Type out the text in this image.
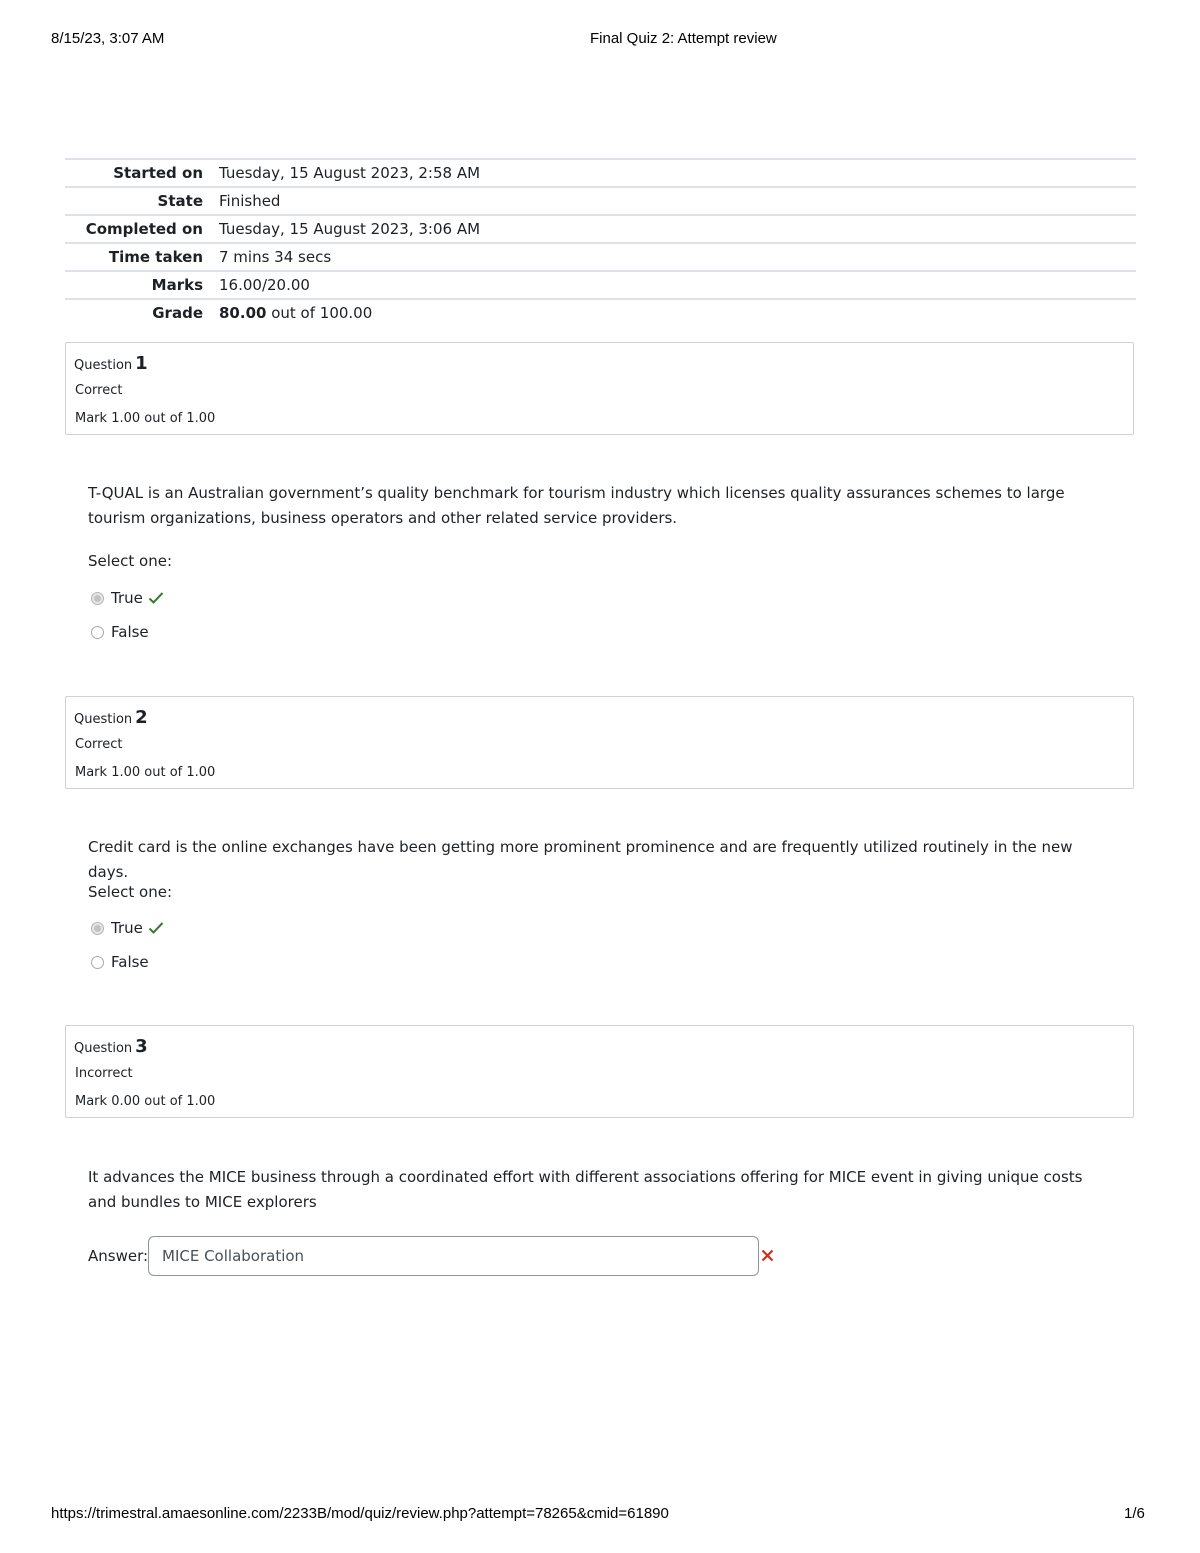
8/15/23, 3:07 AM	Final Quiz 2: Attempt review
Started on	Tuesday, 15 August 2023, 2:58 AM
State	Finished
Completed on	Tuesday, 15 August 2023, 3:06 AM
Time taken	7 mins 34 secs
Marks	16.00/20.00
Grade	80.00 out of 100.00
Question 1
Correct
Mark 1.00 out of 1.00
T-QUAL is an Australian government’s quality benchmark for tourism industry which licenses quality assurances schemes to large tourism organizations, business operators and other related service providers.
Select one:
True
False
Question 2
Correct
Mark 1.00 out of 1.00
Credit card is the online exchanges have been getting more prominent prominence and are frequently utilized routinely in the new days.
Select one:
True
False
Question 3
Incorrect
Mark 0.00 out of 1.00
It advances the MICE business through a coordinated effort with different associations offering for MICE event in giving unique costs and bundles to MICE explorers
Answer: MICE Collaboration
https://trimestral.amaesonline.com/2233B/mod/quiz/review.php?attempt=78265&cmid=61890	1/6
